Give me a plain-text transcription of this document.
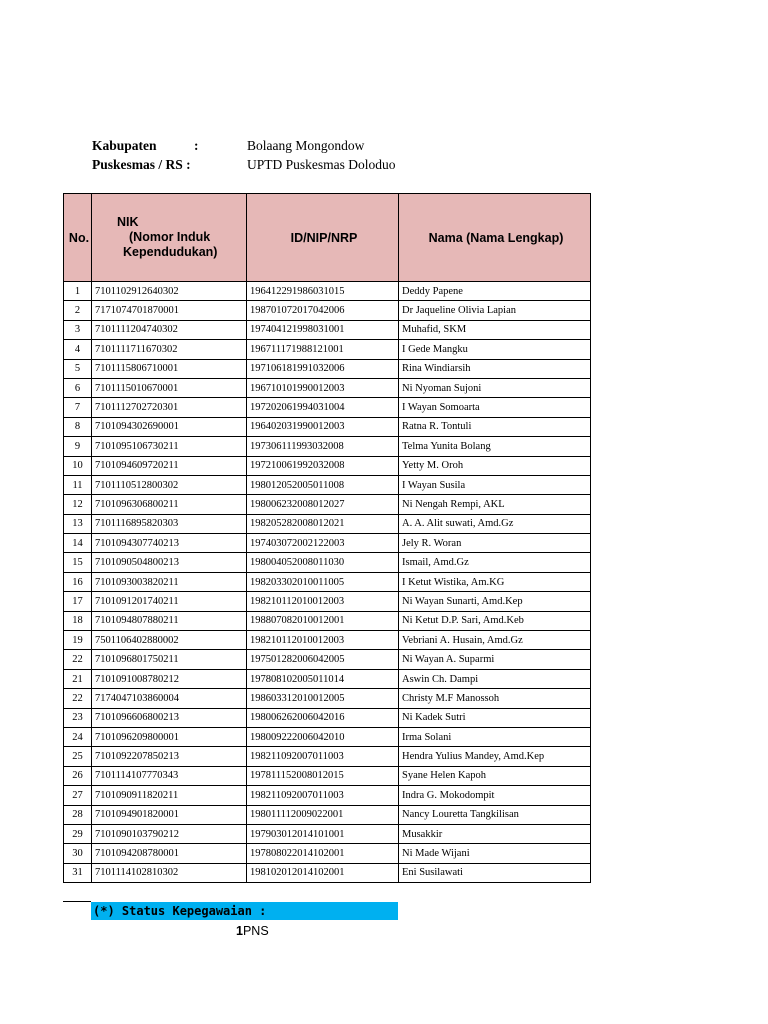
Kabupaten	:	Bolaang Mongondow
Puskesmas / RS :	UPTD Puskesmas Doloduo
No.	NIK
(Nomor Induk
Kependudukan)	ID/NIP/NRP	Nama (Nama Lengkap)
1	7101102912640302	196412291986031015	Deddy Papene
2	7171074701870001	198701072017042006	Dr Jaqueline Olivia Lapian
3	7101111204740302	197404121998031001	Muhafid, SKM
4	7101111711670302	196711171988121001	I Gede Mangku
5	7101115806710001	197106181991032006	Rina Windiarsih
6	7101115010670001	196710101990012003	Ni Nyoman Sujoni
7	7101112702720301	197202061994031004	I Wayan Somoarta
8	7101094302690001	196402031990012003	Ratna R. Tontuli
9	7101095106730211	197306111993032008	Telma Yunita Bolang
10	7101094609720211	197210061992032008	Yetty M. Oroh
11	7101110512800302	198012052005011008	I Wayan Susila
12	7101096306800211	198006232008012027	Ni Nengah Rempi, AKL
13	7101116895820303	198205282008012021	A. A. Alit suwati, Amd.Gz
14	7101094307740213	197403072002122003	Jely R. Woran
15	7101090504800213	198004052008011030	Ismail, Amd.Gz
16	7101093003820211	198203302010011005	I Ketut Wistika, Am.KG
17	7101091201740211	198210112010012003	Ni Wayan Sunarti, Amd.Kep
18	7101094807880211	198807082010012001	Ni Ketut D.P. Sari, Amd.Keb
19	7501106402880002	198210112010012003	Vebriani A. Husain, Amd.Gz
22	7101096801750211	197501282006042005	Ni Wayan A. Suparmi
21	7101091008780212	197808102005011014	Aswin Ch. Dampi
22	7174047103860004	198603312010012005	Christy M.F Manossoh
23	7101096606800213	198006262006042016	Ni Kadek Sutri
24	7101096209800001	198009222006042010	Irma Solani
25	7101092207850213	198211092007011003	Hendra Yulius Mandey, Amd.Kep
26	7101114107770343	197811152008012015	Syane Helen Kapoh
27	7101090911820211	198211092007011003	Indra G. Mokodompit
28	7101094901820001	198011112009022001	Nancy Louretta Tangkilisan
29	7101090103790212	197903012014101001	Musakkir
30	7101094208780001	197808022014102001	Ni Made Wijani
31	7101114102810302	198102012014102001	Eni Susilawati
(*) Status Kepegawaian :
1PNS
